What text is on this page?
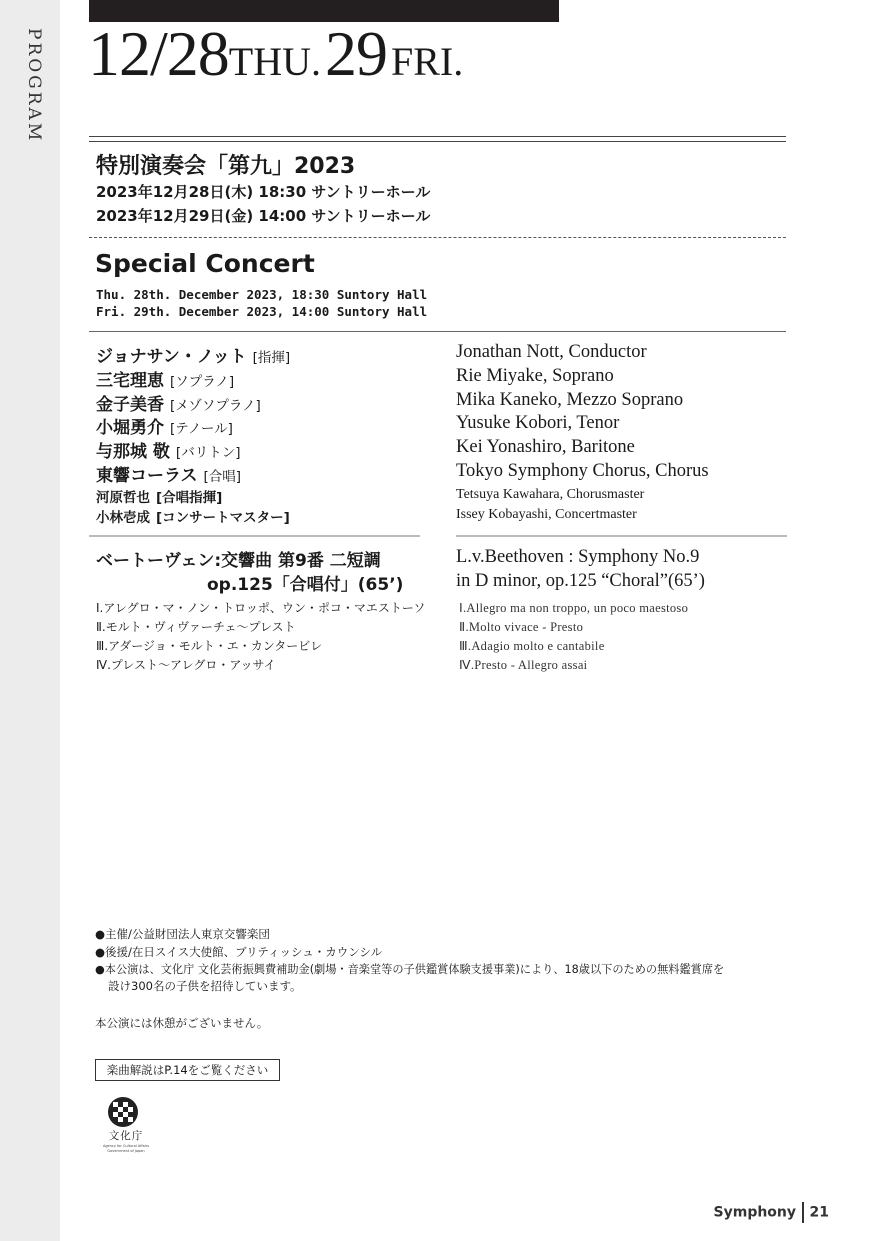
PROGRAM 12/28THU. 29 FRI.
特別演奏会「第九」2023
2023年12月28日(木) 18:30 サントリーホール
2023年12月29日(金) 14:00 サントリーホール
Special Concert
Thu. 28th. December 2023, 18:30 Suntory Hall
Fri. 29th. December 2023, 14:00 Suntory Hall
ジョナサン・ノット [指揮]
三宅理恵 [ソプラノ]
金子美香 [メゾソプラノ]
小堀勇介 [テノール]
与那城 敬 [バリトン]
東響コーラス [合唱]
河原哲也 [合唱指揮]
小林壱成 [コンサートマスター]
Jonathan Nott, Conductor
Rie Miyake, Soprano
Mika Kaneko, Mezzo Soprano
Yusuke Kobori, Tenor
Kei Yonashiro, Baritone
Tokyo Symphony Chorus, Chorus
Tetsuya Kawahara, Chorusmaster
Issey Kobayashi, Concertmaster
ベートーヴェン:交響曲 第9番 二短調
op.125「合唱付」(65’)
L.v.Beethoven : Symphony No.9
in D minor, op.125 “Choral”(65’)
Ⅰ.アレグロ・マ・ノン・トロッポ、ウン・ポコ・マエストーソ
Ⅱ.モルト・ヴィヴァーチェ〜プレスト
Ⅲ.アダージョ・モルト・エ・カンタービレ
Ⅳ.プレスト〜アレグロ・アッサイ
Ⅰ.Allegro ma non troppo, un poco maestoso
Ⅱ.Molto vivace - Presto
Ⅲ.Adagio molto e cantabile
Ⅳ.Presto - Allegro assai
●主催/公益財団法人東京交響楽団
●後援/在日スイス大使館、ブリティッシュ・カウンシル
●本公演は、文化庁 文化芸術振興費補助金(劇場・音楽堂等の子供鑑賞体験支援事業)により、18歳以下のための無料鑑賞席を
設け300名の子供を招待しています。
本公演には休憩がございません。
楽曲解説はP.14をご覧ください
文化庁
Agency for Cultural Affairs Government of Japan
Symphony 21
